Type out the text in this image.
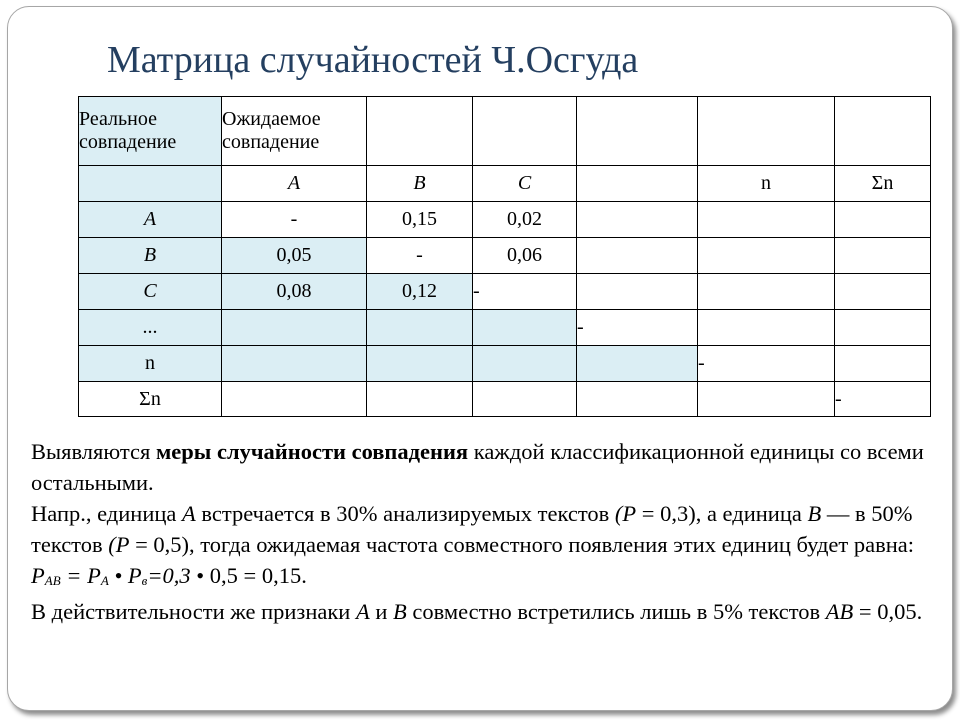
Матрица случайностей Ч.Осгуда
Реальное совпадение	Ожидаемое совпадение					
	A	B	C		n	Σn
A	-	0,15	0,02			
B	0,05	-	0,06			
C	0,08	0,12	-			
...				-		
n					-	
Σn						-

Выявляются меры случайности совпадения каждой классификационной единицы со всеми остальными.

Напр., единица А встречается в 30% анализируемых текстов (Р = 0,3), а единица В — в 50% текстов (Р = 0,5), тогда ожидаемая частота совместного появления этих единиц будет равна: $Р_{АВ} = Р_А$ • $Р_в=0,3$ • 0,5 = 0,15.

В действительности же признаки А и В совместно встретились лишь в 5% текстов АВ = 0,05.
